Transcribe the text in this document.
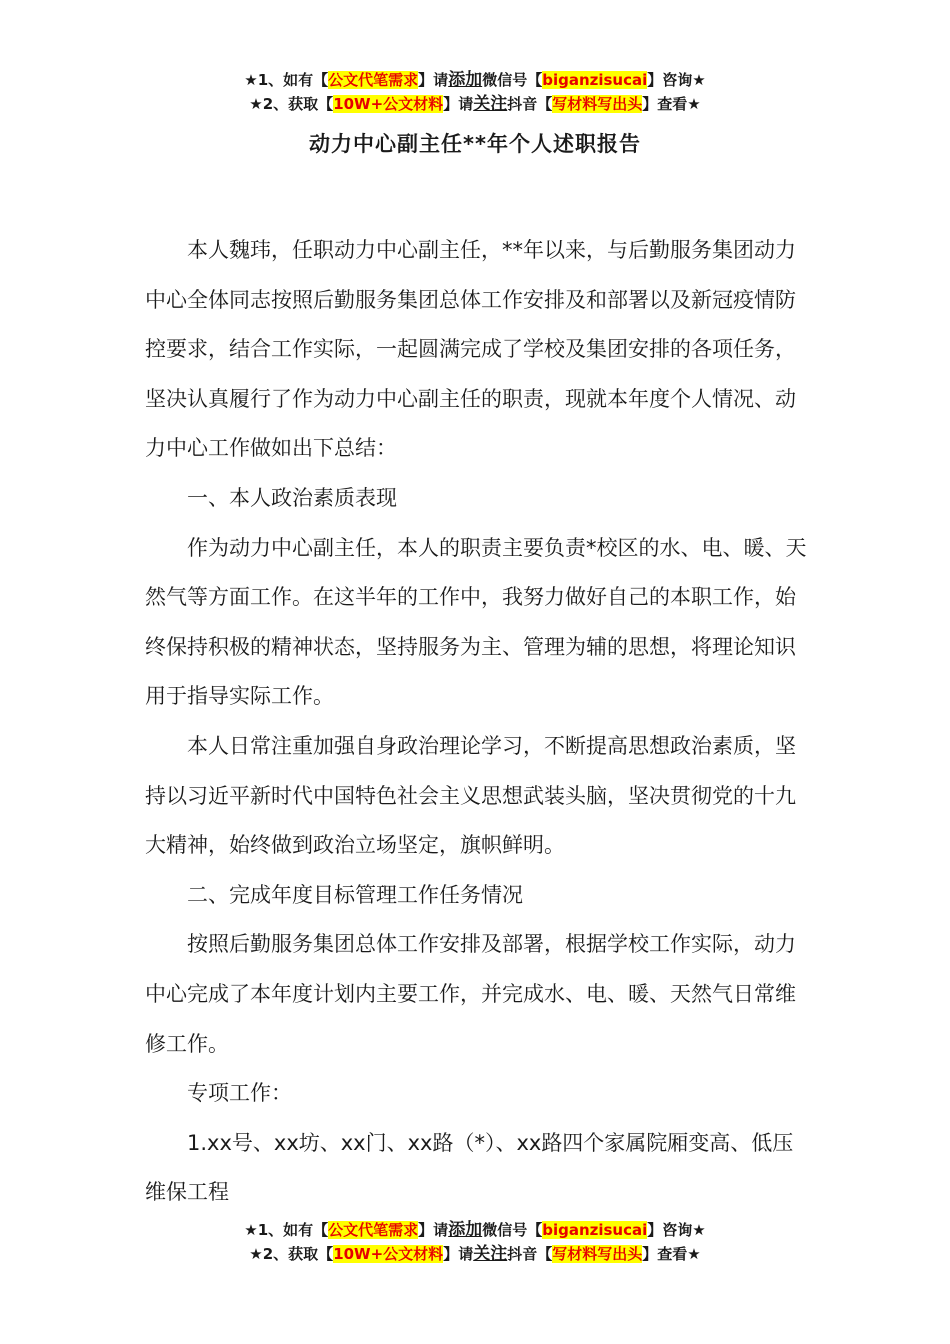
★1、如有【公文代笔需求】请添加微信号【biganzisucai】咨询★
★2、获取【10W+公文材料】请关注抖音【写材料写出头】查看★
动力中心副主任**年个人述职报告

本人魏玮，任职动力中心副主任，**年以来，与后勤服务集团动力中心全体同志按照后勤服务集团总体工作安排及和部署以及新冠疫情防控要求，结合工作实际，一起圆满完成了学校及集团安排的各项任务，坚决认真履行了作为动力中心副主任的职责，现就本年度个人情况、动力中心工作做如出下总结：

一、本人政治素质表现

作为动力中心副主任，本人的职责主要负责*校区的水、电、暖、天然气等方面工作。在这半年的工作中，我努力做好自己的本职工作，始终保持积极的精神状态，坚持服务为主、管理为辅的思想，将理论知识用于指导实际工作。

本人日常注重加强自身政治理论学习，不断提高思想政治素质，坚持以习近平新时代中国特色社会主义思想武装头脑，坚决贯彻党的十九大精神，始终做到政治立场坚定，旗帜鲜明。

二、完成年度目标管理工作任务情况

按照后勤服务集团总体工作安排及部署，根据学校工作实际，动力中心完成了本年度计划内主要工作，并完成水、电、暖、天然气日常维修工作。

专项工作：

1.xx号、xx坊、xx门、xx路（*）、xx路四个家属院厢变高、低压维保工程

★1、如有【公文代笔需求】请添加微信号【biganzisucai】咨询★
★2、获取【10W+公文材料】请关注抖音【写材料写出头】查看★
